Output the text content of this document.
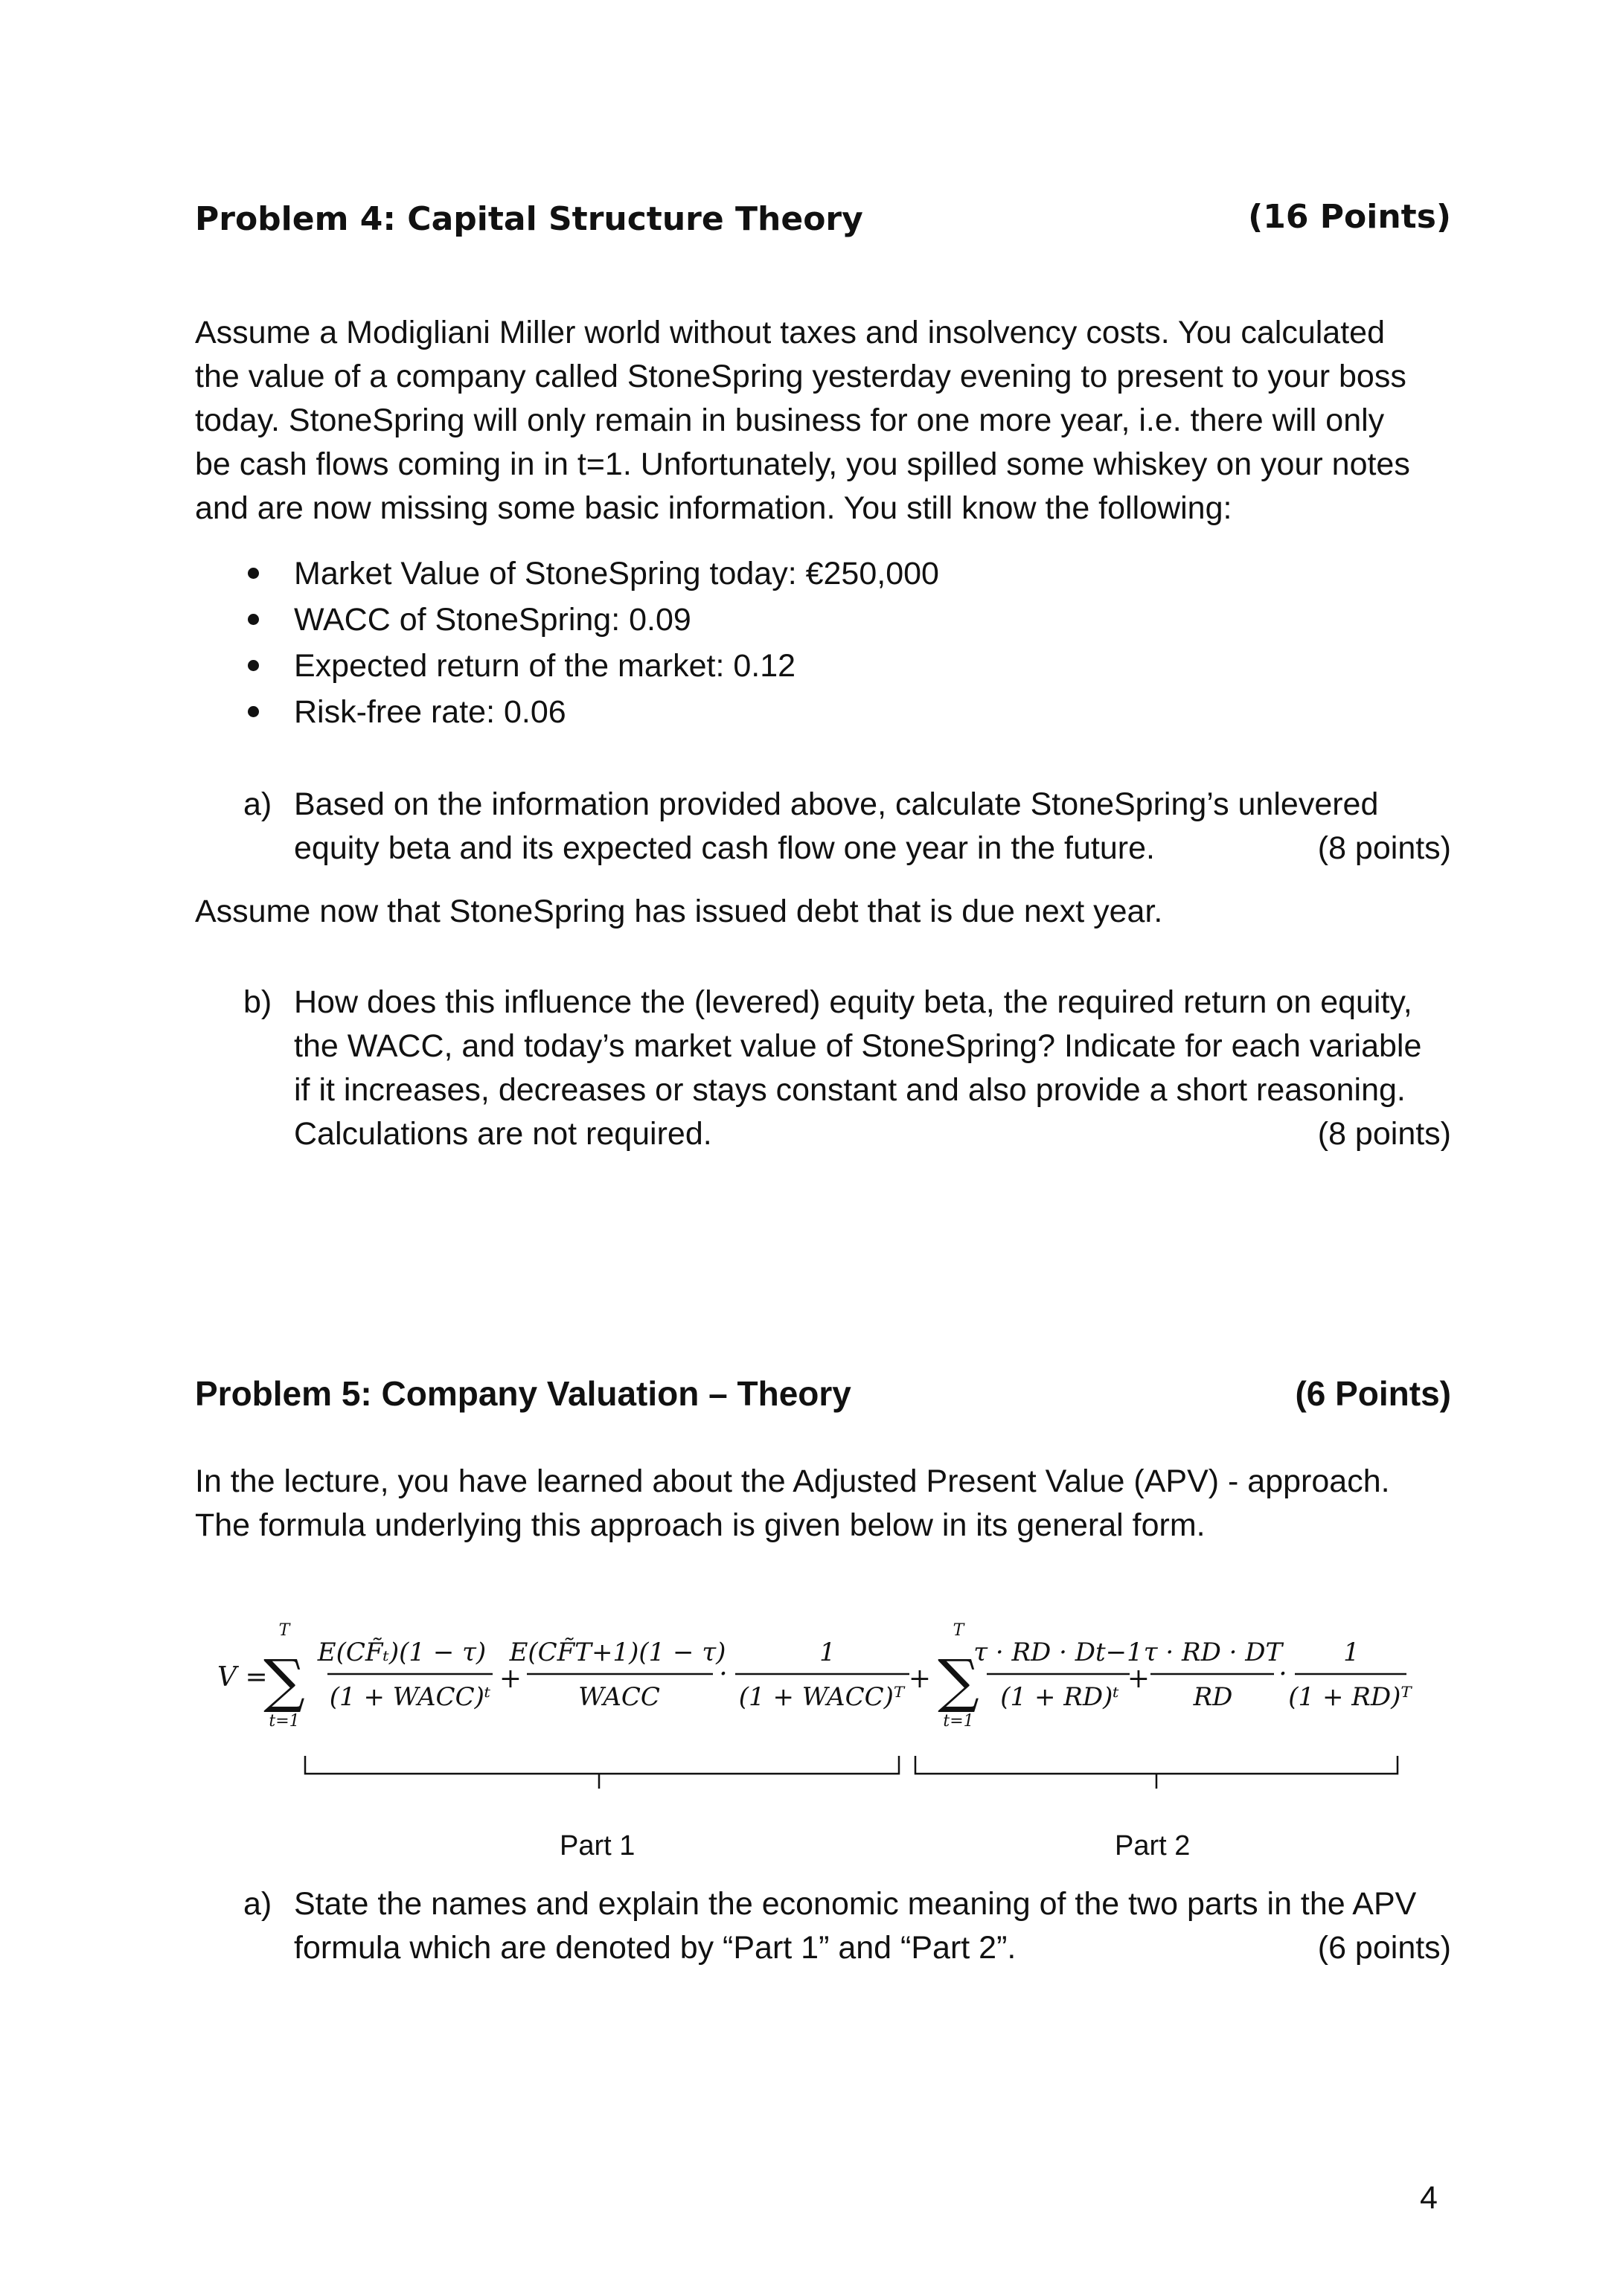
Problem 4: Capital Structure Theory	(16 Points)
Assume a Modigliani Miller world without taxes and insolvency costs. You calculated
the value of a company called StoneSpring yesterday evening to present to your boss
today. StoneSpring will only remain in business for one more year, i.e. there will only
be cash flows coming in in t=1. Unfortunately, you spilled some whiskey on your notes
and are now missing some basic information. You still know the following:
Market Value of StoneSpring today: €250,000
WACC of StoneSpring: 0.09
Expected return of the market: 0.12
Risk-free rate: 0.06
a) Based on the information provided above, calculate StoneSpring’s unlevered
equity beta and its expected cash flow one year in the future.	(8 points)
Assume now that StoneSpring has issued debt that is due next year.
b) How does this influence the (levered) equity beta, the required return on equity,
the WACC, and today’s market value of StoneSpring? Indicate for each variable
if it increases, decreases or stays constant and also provide a short reasoning.
Calculations are not required.	(8 points)
Problem 5: Company Valuation – Theory	(6 Points)
In the lecture, you have learned about the Adjusted Present Value (APV) - approach.
The formula underlying this approach is given below in its general form.
V =
T
∑
t=1
E(CF̃ₜ)(1 − τ)
(1 + WACC)ᵗ
+
E(CF̃T+1)(1 − τ)
WACC
·
1
(1 + WACC)ᵀ
+
T
∑
t=1
τ · RD · Dt−1
(1 + RD)ᵗ
+
τ · RD · DT
RD
·
1
(1 + RD)ᵀ
Part 1	Part 2
a) State the names and explain the economic meaning of the two parts in the APV
formula which are denoted by “Part 1” and “Part 2”.	(6 points)
4
